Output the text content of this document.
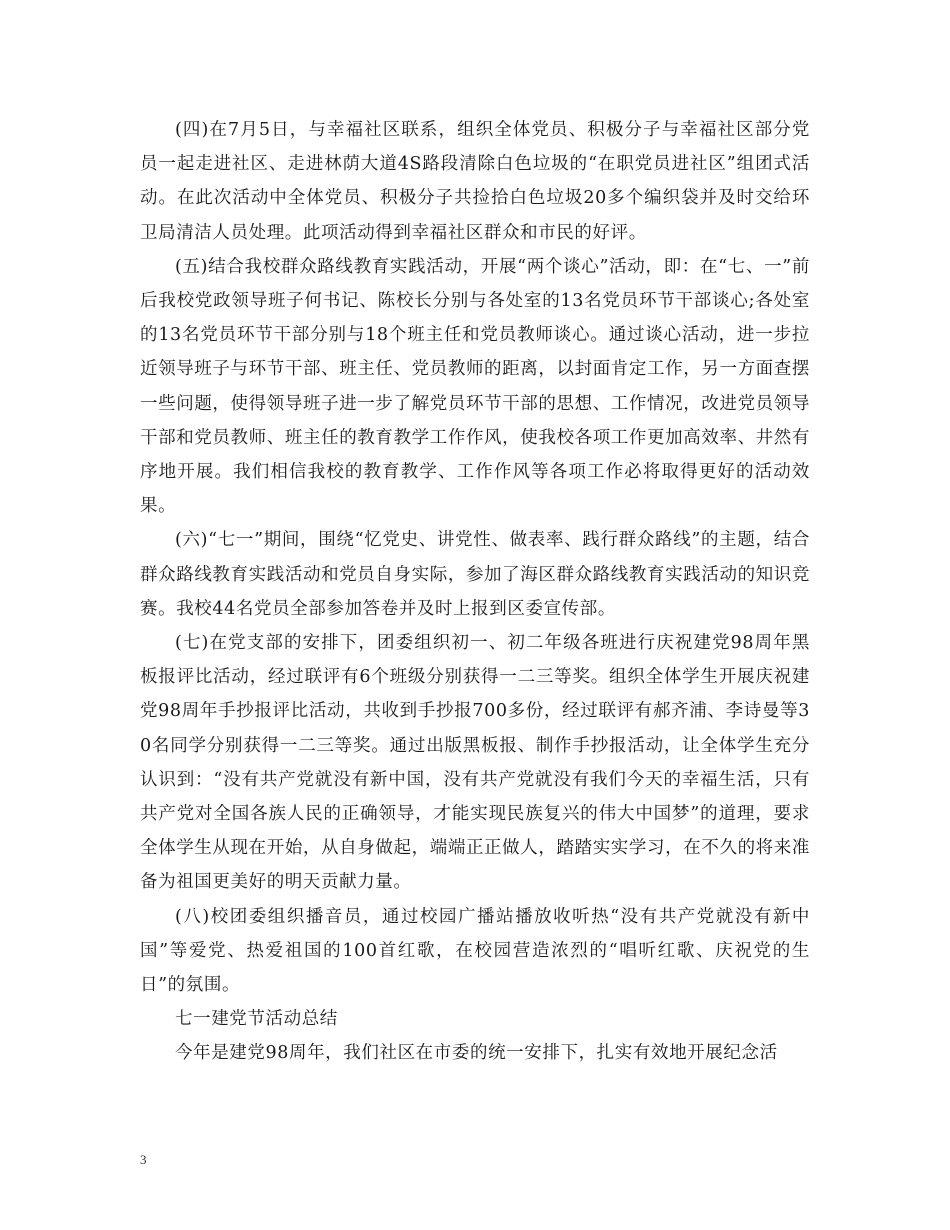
(四)在7月5日，与幸福社区联系，组织全体党员、积极分子与幸福社区部分党员一起走进社区、走进林荫大道4S路段清除白色垃圾的“在职党员进社区”组团式活动。在此次活动中全体党员、积极分子共捡拾白色垃圾20多个编织袋并及时交给环卫局清洁人员处理。此项活动得到幸福社区群众和市民的好评。

(五)结合我校群众路线教育实践活动，开展“两个谈心”活动，即：在“七、一”前后我校党政领导班子何书记、陈校长分别与各处室的13名党员环节干部谈心;各处室的13名党员环节干部分别与18个班主任和党员教师谈心。通过谈心活动，进一步拉近领导班子与环节干部、班主任、党员教师的距离，以封面肯定工作，另一方面查摆一些问题，使得领导班子进一步了解党员环节干部的思想、工作情况，改进党员领导干部和党员教师、班主任的教育教学工作作风，使我校各项工作更加高效率、井然有序地开展。我们相信我校的教育教学、工作作风等各项工作必将取得更好的活动效果。

(六)“七一”期间，围绕“忆党史、讲党性、做表率、践行群众路线”的主题，结合群众路线教育实践活动和党员自身实际，参加了海区群众路线教育实践活动的知识竞赛。我校44名党员全部参加答卷并及时上报到区委宣传部。

(七)在党支部的安排下，团委组织初一、初二年级各班进行庆祝建党98周年黑板报评比活动，经过联评有6个班级分别获得一二三等奖。组织全体学生开展庆祝建党98周年手抄报评比活动，共收到手抄报700多份，经过联评有郝齐浦、李诗曼等30名同学分别获得一二三等奖。通过出版黑板报、制作手抄报活动，让全体学生充分认识到：“没有共产党就没有新中国，没有共产党就没有我们今天的幸福生活，只有共产党对全国各族人民的正确领导，才能实现民族复兴的伟大中国梦”的道理，要求全体学生从现在开始，从自身做起，端端正正做人，踏踏实实学习，在不久的将来准备为祖国更美好的明天贡献力量。

(八)校团委组织播音员，通过校园广播站播放收听热“没有共产党就没有新中国”等爱党、热爱祖国的100首红歌，在校园营造浓烈的“唱听红歌、庆祝党的生日”的氛围。

七一建党节活动总结

今年是建党98周年，我们社区在市委的统一安排下，扎实有效地开展纪念活

3
